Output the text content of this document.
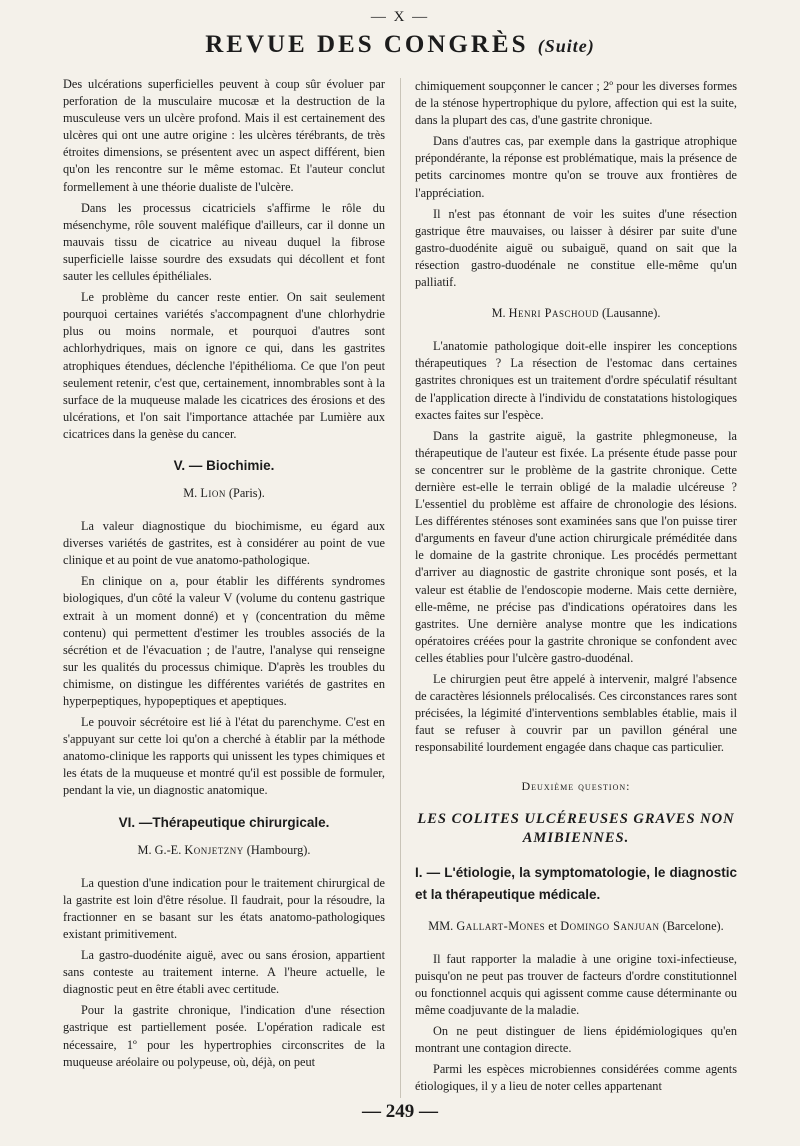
— X —
REVUE DES CONGRÈS (Suite)

Des ulcérations superficielles peuvent à coup sûr évoluer par perforation de la musculaire mucosæ et la destruction de la musculeuse vers un ulcère profond. Mais il est certainement des ulcères qui ont une autre origine : les ulcères térébrants, de très étroites dimensions, se présentent avec un aspect différent, bien qu'on les rencontre sur le même estomac. Et l'auteur conclut formellement à une théorie dualiste de l'ulcère.

Dans les processus cicatriciels s'affirme le rôle du mésenchyme, rôle souvent maléfique d'ailleurs, car il donne un mauvais tissu de cicatrice au niveau duquel la fibrose superficielle laisse sourdre des exsudats qui décollent et font sauter les cellules épithéliales.

Le problème du cancer reste entier. On sait seulement pourquoi certaines variétés s'accompagnent d'une chlorhydrie plus ou moins normale, et pourquoi d'autres sont achlorhydriques, mais on ignore ce qui, dans les gastrites atrophiques étendues, déclenche l'épithélioma. Ce que l'on peut seulement retenir, c'est que, certainement, innombrables sont à la surface de la muqueuse malade les cicatrices des érosions et des ulcérations, et l'on sait l'importance attachée par Lumière aux cicatrices dans la genèse du cancer.

V. — Biochimie.
M. Lion (Paris).

La valeur diagnostique du biochimisme, eu égard aux diverses variétés de gastrites, est à considérer au point de vue clinique et au point de vue anatomo-pathologique.

En clinique on a, pour établir les différents syndromes biologiques, d'un côté la valeur V (volume du contenu gastrique extrait à un moment donné) et γ (concentration du même contenu) qui permettent d'estimer les troubles associés de la sécrétion et de l'évacuation ; de l'autre, l'analyse qui renseigne sur les qualités du processus chimique. D'après les troubles du chimisme, on distingue les différentes variétés de gastrites en hyperpeptiques, hypopeptiques et apeptiques.

Le pouvoir sécrétoire est lié à l'état du parenchyme. C'est en s'appuyant sur cette loi qu'on a cherché à établir par la méthode anatomo-clinique les rapports qui unissent les types chimiques et les états de la muqueuse et montré qu'il est possible de formuler, pendant la vie, un diagnostic anatomique.

VI. —Thérapeutique chirurgicale.
M. G.-E. Konjetzny (Hambourg).

La question d'une indication pour le traitement chirurgical de la gastrite est loin d'être résolue. Il faudrait, pour la résoudre, la fractionner en se basant sur les états anatomo-pathologiques existant primitivement.

La gastro-duodénite aiguë, avec ou sans érosion, appartient sans conteste au traitement interne. A l'heure actuelle, le diagnostic peut en être établi avec certitude.

Pour la gastrite chronique, l'indication d'une résection gastrique est partiellement posée. L'opération radicale est nécessaire, 1º pour les hypertrophies circonscrites de la muqueuse aréolaire ou polypeuse, où, déjà, on peut

chimiquement soupçonner le cancer ; 2º pour les diverses formes de la sténose hypertrophique du pylore, affection qui est la suite, dans la plupart des cas, d'une gastrite chronique.

Dans d'autres cas, par exemple dans la gastrique atrophique prépondérante, la réponse est problématique, mais la présence de petits carcinomes montre qu'on se trouve aux frontières de l'appréciation.

Il n'est pas étonnant de voir les suites d'une résection gastrique être mauvaises, ou laisser à désirer par suite d'une gastro-duodénite aiguë ou subaiguë, quand on sait que la résection gastro-duodénale ne constitue elle-même qu'un palliatif.

M. Henri Paschoud (Lausanne).

L'anatomie pathologique doit-elle inspirer les conceptions thérapeutiques ? La résection de l'estomac dans certaines gastrites chroniques est un traitement d'ordre spéculatif résultant de l'application directe à l'individu de constatations histologiques exactes faites sur l'espèce.

Dans la gastrite aiguë, la gastrite phlegmoneuse, la thérapeutique de l'auteur est fixée. La présente étude passe pour se concentrer sur le problème de la gastrite chronique. Cette dernière est-elle le terrain obligé de la maladie ulcéreuse ? L'essentiel du problème est affaire de chronologie des lésions. Les différentes sténoses sont examinées sans que l'on puisse tirer d'arguments en faveur d'une action chirurgicale préméditée dans le domaine de la gastrite chronique. Les procédés permettant d'arriver au diagnostic de gastrite chronique sont posés, et la valeur est établie de l'endoscopie moderne. Mais cette dernière, elle-même, ne précise pas d'indications opératoires dans les gastrites. Une dernière analyse montre que les indications opératoires créées pour la gastrite chronique se confondent avec celles établies pour l'ulcère gastro-duodénal.

Le chirurgien peut être appelé à intervenir, malgré l'absence de caractères lésionnels prélocalisés. Ces circonstances rares sont précisées, la légimité d'interventions semblables établie, mais il faut se refuser à couvrir par un pavillon général une responsabilité lourdement engagée dans chaque cas particulier.

Deuxième question:
LES COLITES ULCÉREUSES GRAVES NON AMIBIENNES.
I. — L'étiologie, la symptomatologie, le diagnostic et la thérapeutique médicale.
MM. Gallart-Mones et Domingo Sanjuan (Barcelone).

Il faut rapporter la maladie à une origine toxi-infectieuse, puisqu'on ne peut pas trouver de facteurs d'ordre constitutionnel ou fonctionnel acquis qui agissent comme cause déterminante ou même coadjuvante de la maladie.

On ne peut distinguer de liens épidémiologiques qu'en montrant une contagion directe.

Parmi les espèces microbiennes considérées comme agents étiologiques, il y a lieu de noter celles appartenant

— 249 —
